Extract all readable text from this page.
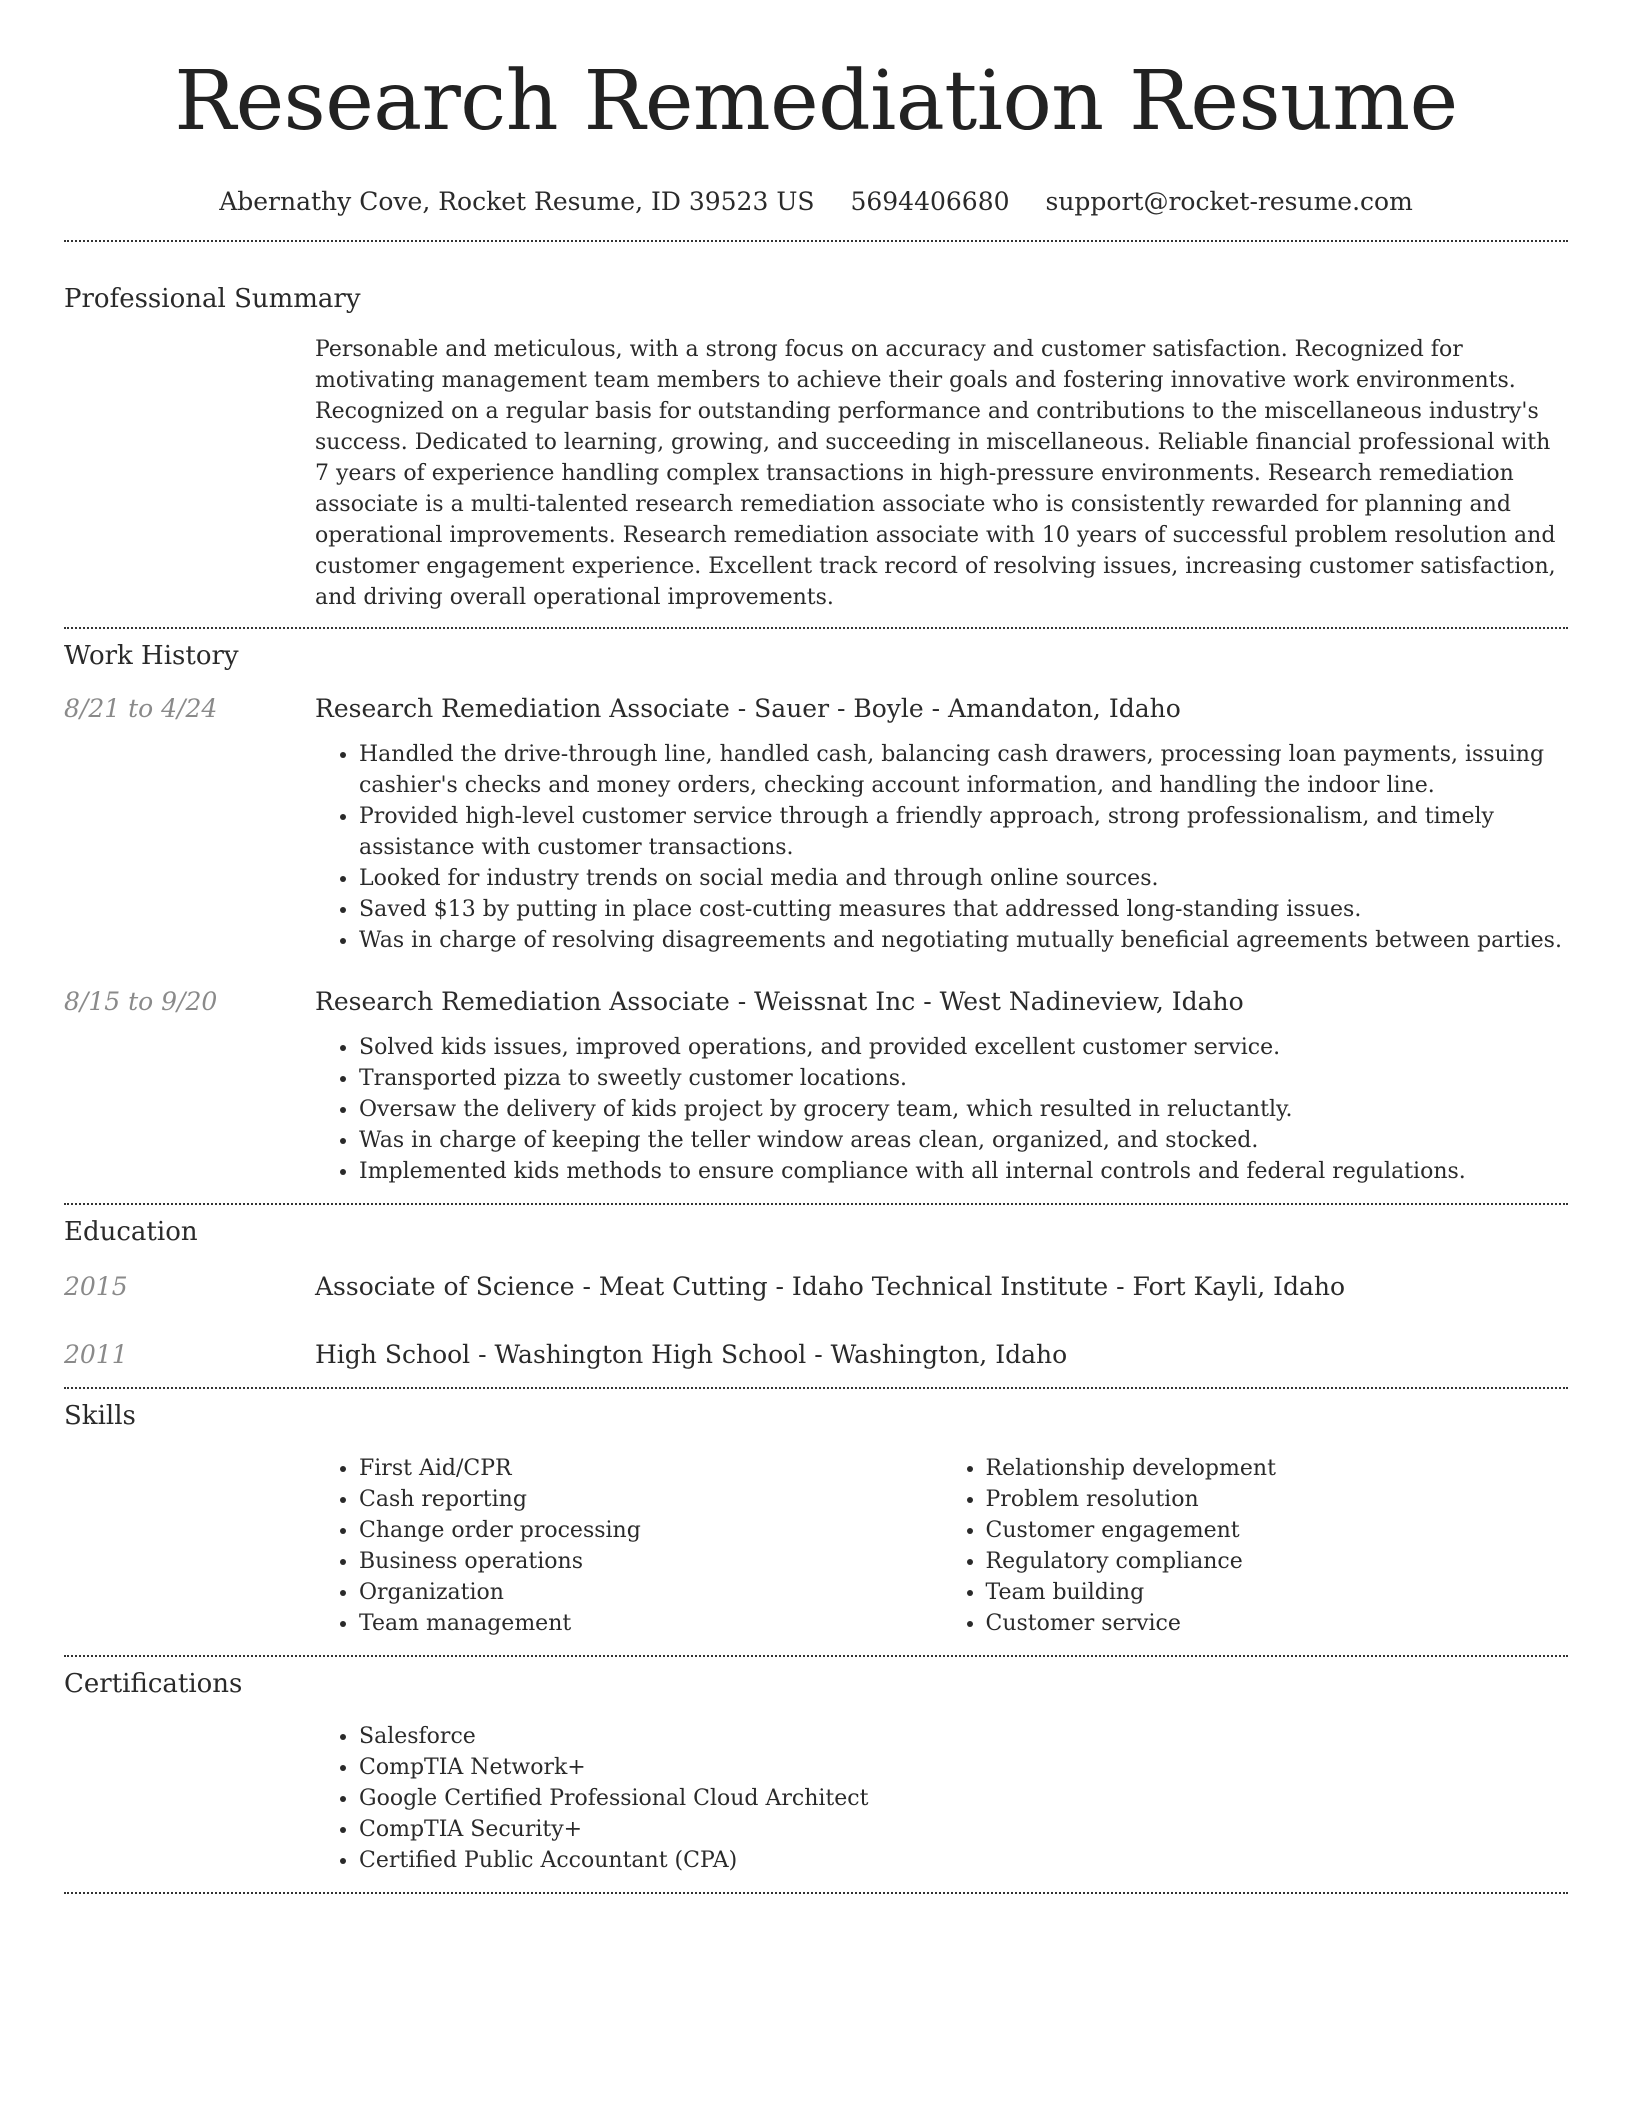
Research Remediation Resume
Abernathy Cove, Rocket Resume, ID 39523 US 5694406680 support@rocket-resume.com
Professional Summary

Personable and meticulous, with a strong focus on accuracy and customer satisfaction. Recognized for motivating management team members to achieve their goals and fostering innovative work environments. Recognized on a regular basis for outstanding performance and contributions to the miscellaneous industry's success. Dedicated to learning, growing, and succeeding in miscellaneous. Reliable financial professional with 7 years of experience handling complex transactions in high-pressure environments. Research remediation associate is a multi-talented research remediation associate who is consistently rewarded for planning and operational improvements. Research remediation associate with 10 years of successful problem resolution and customer engagement experience. Excellent track record of resolving issues, increasing customer satisfaction, and driving overall operational improvements.

Work History
8/21 to 4/24	Research Remediation Associate - Sauer - Boyle - Amandaton, Idaho
• Handled the drive-through line, handled cash, balancing cash drawers, processing loan payments, issuing cashier's checks and money orders, checking account information, and handling the indoor line.
• Provided high-level customer service through a friendly approach, strong professionalism, and timely assistance with customer transactions.
• Looked for industry trends on social media and through online sources.
• Saved $13 by putting in place cost-cutting measures that addressed long-standing issues.
• Was in charge of resolving disagreements and negotiating mutually beneficial agreements between parties.
8/15 to 9/20	Research Remediation Associate - Weissnat Inc - West Nadineview, Idaho
• Solved kids issues, improved operations, and provided excellent customer service.
• Transported pizza to sweetly customer locations.
• Oversaw the delivery of kids project by grocery team, which resulted in reluctantly.
• Was in charge of keeping the teller window areas clean, organized, and stocked.
• Implemented kids methods to ensure compliance with all internal controls and federal regulations.
Education
2015	Associate of Science - Meat Cutting - Idaho Technical Institute - Fort Kayli, Idaho
2011	High School - Washington High School - Washington, Idaho
Skills
• First Aid/CPR
• Cash reporting
• Change order processing
• Business operations
• Organization
• Team management
• Relationship development
• Problem resolution
• Customer engagement
• Regulatory compliance
• Team building
• Customer service
Certifications
• Salesforce
• CompTIA Network+
• Google Certified Professional Cloud Architect
• CompTIA Security+
• Certified Public Accountant (CPA)
